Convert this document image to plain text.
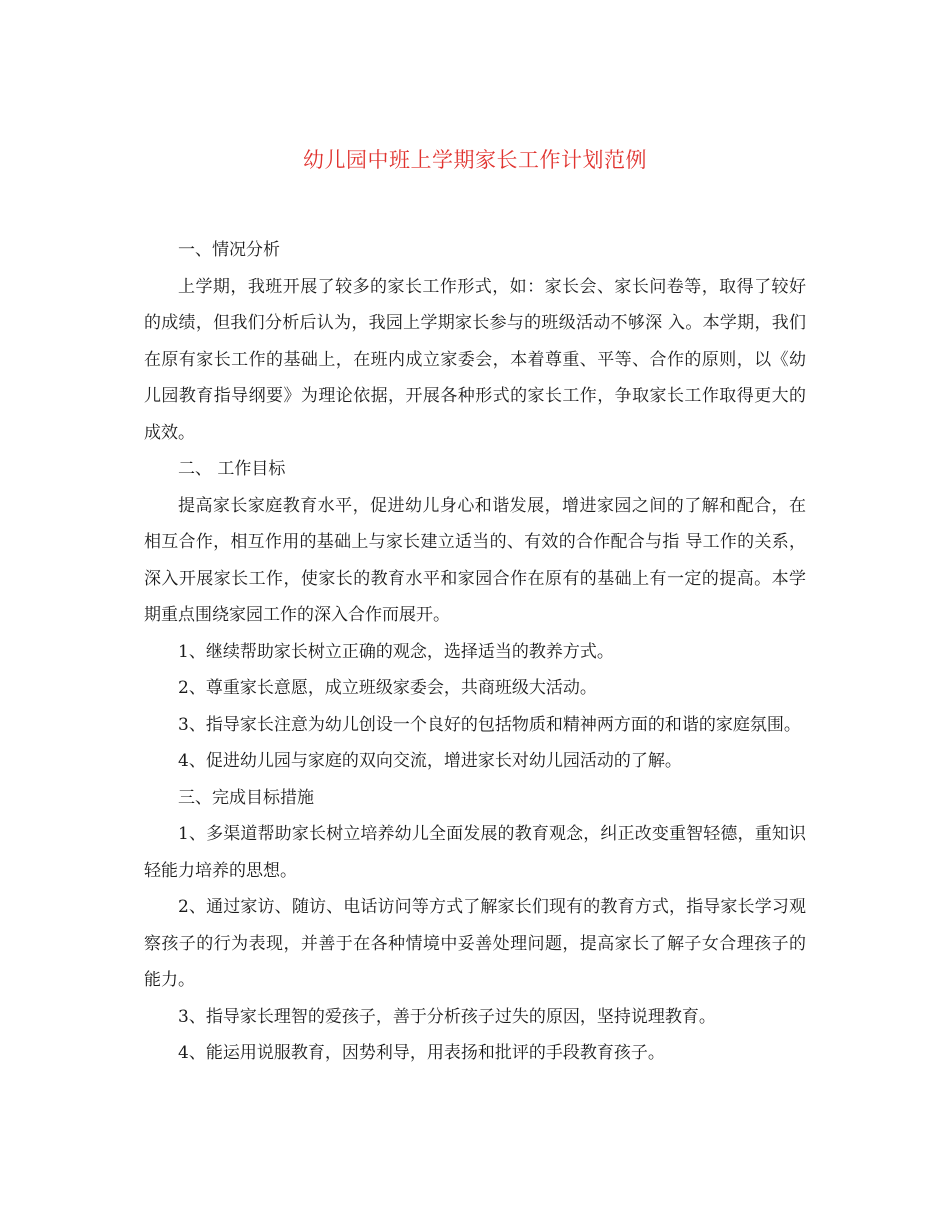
幼儿园中班上学期家长工作计划范例

一、情况分析

上学期，我班开展了较多的家长工作形式，如：家长会、家长问卷等，取得了较好的成绩，但我们分析后认为，我园上学期家长参与的班级活动不够深 入。本学期，我们在原有家长工作的基础上，在班内成立家委会，本着尊重、平等、合作的原则，以《幼儿园教育指导纲要》为理论依据，开展各种形式的家长工作，争取家长工作取得更大的成效。

二、 工作目标

提高家长家庭教育水平，促进幼儿身心和谐发展，增进家园之间的了解和配合，在相互合作，相互作用的基础上与家长建立适当的、有效的合作配合与指 导工作的关系，深入开展家长工作，使家长的教育水平和家园合作在原有的基础上有一定的提高。本学期重点围绕家园工作的深入合作而展开。

1、继续帮助家长树立正确的观念，选择适当的教养方式。

2、尊重家长意愿，成立班级家委会，共商班级大活动。

3、指导家长注意为幼儿创设一个良好的包括物质和精神两方面的和谐的家庭氛围。

4、促进幼儿园与家庭的双向交流，增进家长对幼儿园活动的了解。

三、完成目标措施

1、多渠道帮助家长树立培养幼儿全面发展的教育观念，纠正改变重智轻德，重知识轻能力培养的思想。

2、通过家访、随访、电话访问等方式了解家长们现有的教育方式，指导家长学习观察孩子的行为表现，并善于在各种情境中妥善处理问题，提高家长了解子女合理孩子的能力。

3、指导家长理智的爱孩子，善于分析孩子过失的原因，坚持说理教育。

4、能运用说服教育，因势利导，用表扬和批评的手段教育孩子。
